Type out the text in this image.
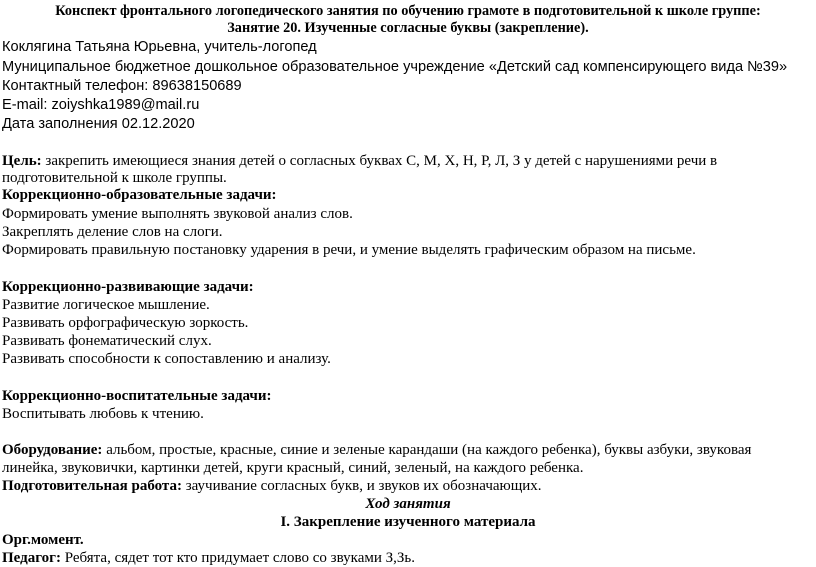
Конспект фронтального логопедического занятия по обучению грамоте в подготовительной к школе группе:
Занятие 20. Изученные согласные буквы (закрепление).
Коклягина Татьяна Юрьевна, учитель-логопед
Муниципальное бюджетное дошкольное образовательное учреждение «Детский сад компенсирующего вида №39»
Контактный телефон: 89638150689
E-mail: zoiyshka1989@mail.ru
Дата заполнения 02.12.2020
Цель: закрепить имеющиеся знания детей о согласных буквах С, М, Х, Н, Р, Л, З у детей с нарушениями речи в
подготовительной к школе группы.
Коррекционно-образовательные задачи:
Формировать умение выполнять звуковой анализ слов.
Закреплять деление слов на слоги.
Формировать правильную постановку ударения в речи, и умение выделять графическим образом на письме.
Коррекционно-развивающие задачи:
Развитие логическое мышление.
Развивать орфографическую зоркость.
Развивать фонематический слух.
Развивать способности к сопоставлению и анализу.
Коррекционно-воспитательные задачи:
Воспитывать любовь к чтению.
Оборудование: альбом, простые, красные, синие и зеленые карандаши (на каждого ребенка), буквы азбуки, звуковая
линейка, звуковички, картинки детей, круги красный, синий, зеленый, на каждого ребенка.
Подготовительная работа: заучивание согласных букв, и звуков их обозначающих.
Ход занятия
I. Закрепление изученного материала
Орг.момент.
Педагог: Ребята, сядет тот кто придумает слово со звуками З,Зь.
